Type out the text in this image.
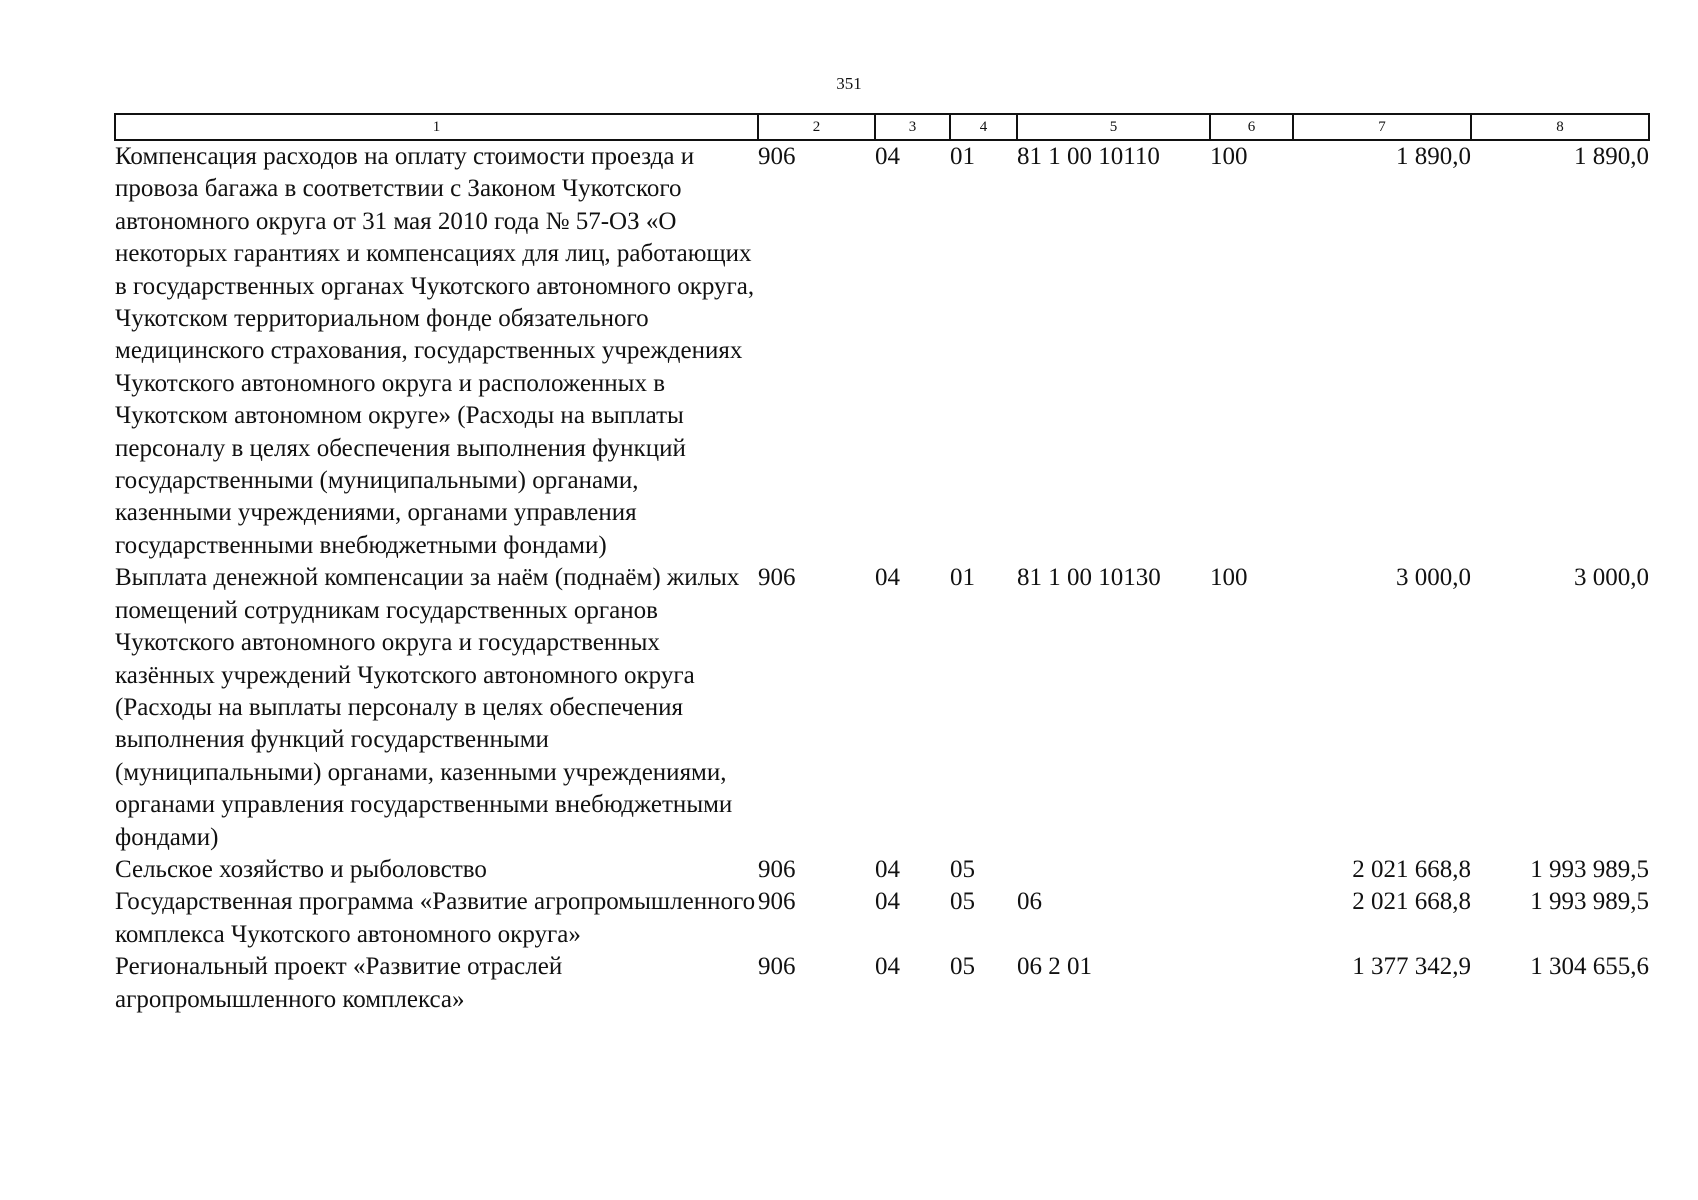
351
1	2	3	4	5	6	7	8
Компенсация расходов на оплату стоимости проезда и провоза багажа в соответствии с Законом Чукотского автономного округа от 31 мая 2010 года № 57-ОЗ «О некоторых гарантиях и компенсациях для лиц, работающих в государственных органах Чукотского автономного округа, Чукотском территориальном фонде обязательного медицинского страхования, государственных учреждениях Чукотского автономного округа и расположенных в Чукотском автономном округе» (Расходы на выплаты персоналу в целях обеспечения выполнения функций государственными (муниципальными) органами, казенными учреждениями, органами управления государственными внебюджетными фондами)	906	04	01	81 1 00 10110	100	1 890,0	1 890,0
Выплата денежной компенсации за наём (поднаём) жилых помещений сотрудникам государственных органов Чукотского автономного округа и государственных казённых учреждений Чукотского автономного округа (Расходы на выплаты персоналу в целях обеспечения выполнения функций государственными (муниципальными) органами, казенными учреждениями, органами управления государственными внебюджетными фондами)	906	04	01	81 1 00 10130	100	3 000,0	3 000,0
Сельское хозяйство и рыболовство	906	04	05			2 021 668,8	1 993 989,5
Государственная программа «Развитие агропромышленного комплекса Чукотского автономного округа»	906	04	05	06		2 021 668,8	1 993 989,5
Региональный проект «Развитие отраслей агропромышленного комплекса»	906	04	05	06 2 01		1 377 342,9	1 304 655,6
